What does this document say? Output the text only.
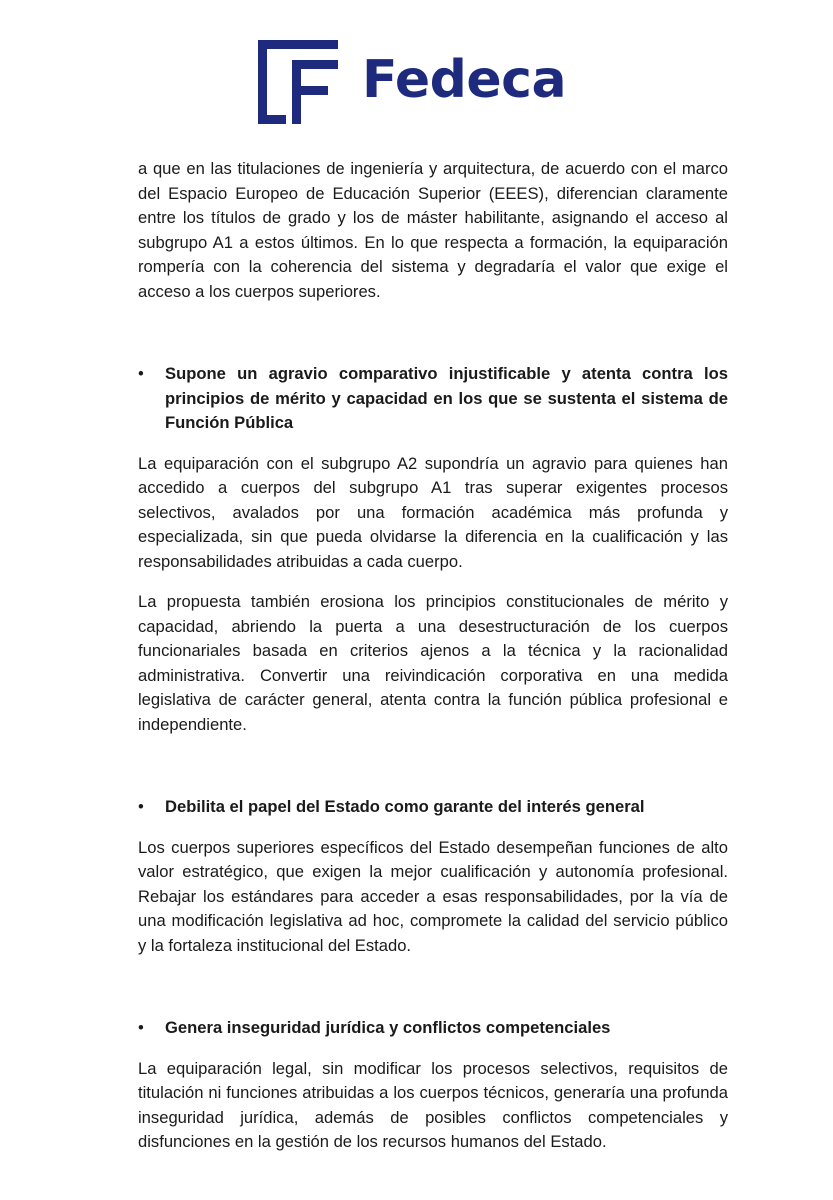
Fedeca

a que en las titulaciones de ingeniería y arquitectura, de acuerdo con el marco del Espacio Europeo de Educación Superior (EEES), diferencian claramente entre los títulos de grado y los de máster habilitante, asignando el acceso al subgrupo A1 a estos últimos. En lo que respecta a formación, la equiparación rompería con la coherencia del sistema y degradaría el valor que exige el acceso a los cuerpos superiores.

•	Supone un agravio comparativo injustificable y atenta contra los principios de mérito y capacidad en los que se sustenta el sistema de Función Pública

La equiparación con el subgrupo A2 supondría un agravio para quienes han accedido a cuerpos del subgrupo A1 tras superar exigentes procesos selectivos, avalados por una formación académica más profunda y especializada, sin que pueda olvidarse la diferencia en la cualificación y las responsabilidades atribuidas a cada cuerpo.

La propuesta también erosiona los principios constitucionales de mérito y capacidad, abriendo la puerta a una desestructuración de los cuerpos funcionariales basada en criterios ajenos a la técnica y la racionalidad administrativa. Convertir una reivindicación corporativa en una medida legislativa de carácter general, atenta contra la función pública profesional e independiente.

•	Debilita el papel del Estado como garante del interés general

Los cuerpos superiores específicos del Estado desempeñan funciones de alto valor estratégico, que exigen la mejor cualificación y autonomía profesional. Rebajar los estándares para acceder a esas responsabilidades, por la vía de una modificación legislativa ad hoc, compromete la calidad del servicio público y la fortaleza institucional del Estado.

•	Genera inseguridad jurídica y conflictos competenciales

La equiparación legal, sin modificar los procesos selectivos, requisitos de titulación ni funciones atribuidas a los cuerpos técnicos, generaría una profunda inseguridad jurídica, además de posibles conflictos competenciales y disfunciones en la gestión de los recursos humanos del Estado.
